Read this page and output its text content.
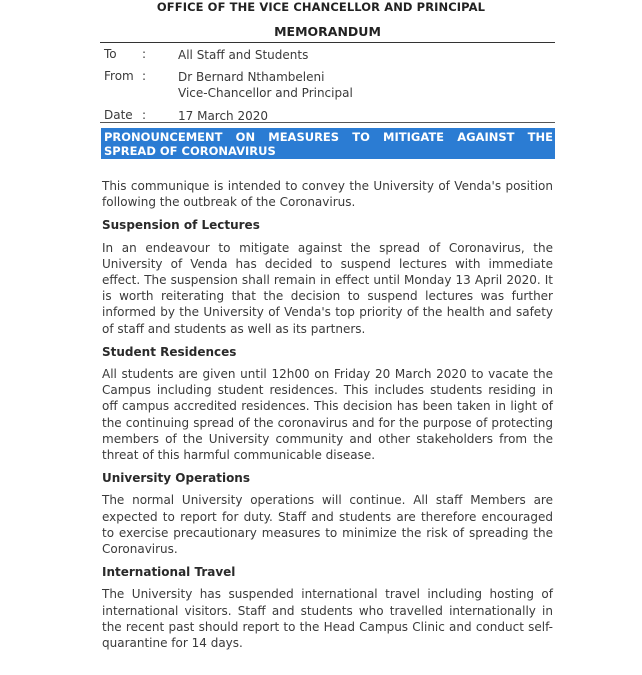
OFFICE OF THE VICE CHANCELLOR AND PRINCIPAL
MEMORANDUM
To :	All Staff and Students
From :	Dr Bernard Nthambeleni
Vice-Chancellor and Principal
Date :	17 March 2020
PRONOUNCEMENT ON MEASURES TO MITIGATE AGAINST THE SPREAD OF CORONAVIRUS

This communique is intended to convey the University of Venda's position following the outbreak of the Coronavirus.

Suspension of Lectures

In an endeavour to mitigate against the spread of Coronavirus, the University of Venda has decided to suspend lectures with immediate effect. The suspension shall remain in effect until Monday 13 April 2020. It is worth reiterating that the decision to suspend lectures was further informed by the University of Venda's top priority of the health and safety of staff and students as well as its partners.

Student Residences

All students are given until 12h00 on Friday 20 March 2020 to vacate the Campus including student residences. This includes students residing in off campus accredited residences. This decision has been taken in light of the continuing spread of the coronavirus and for the purpose of protecting members of the University community and other stakeholders from the threat of this harmful communicable disease.

University Operations

The normal University operations will continue. All staff Members are expected to report for duty. Staff and students are therefore encouraged to exercise precautionary measures to minimize the risk of spreading the Coronavirus.

International Travel

The University has suspended international travel including hosting of international visitors. Staff and students who travelled internationally in the recent past should report to the Head Campus Clinic and conduct self-quarantine for 14 days.
